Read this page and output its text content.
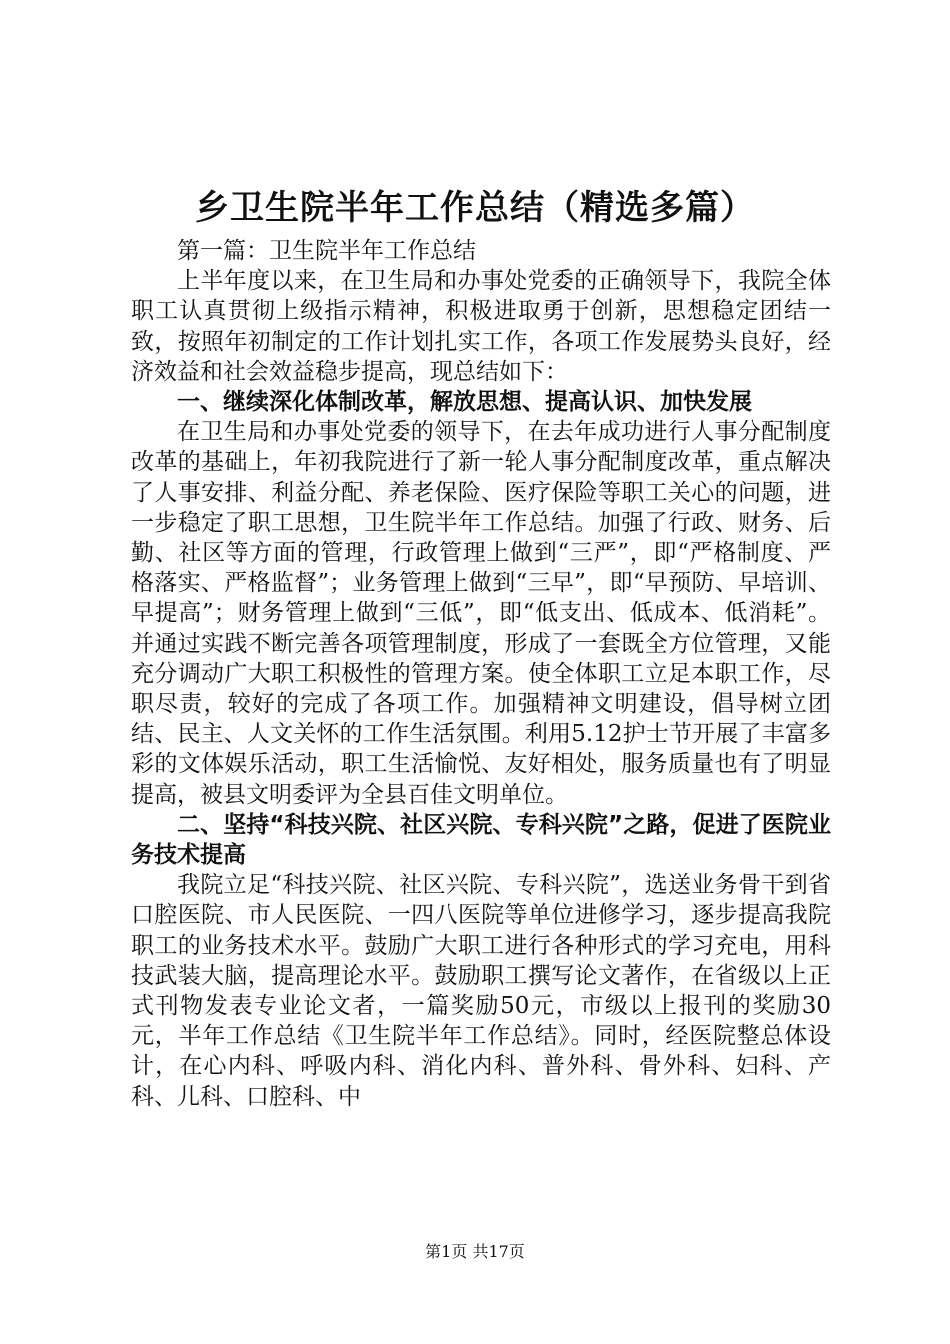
乡卫生院半年工作总结（精选多篇）

第一篇：卫生院半年工作总结

上半年度以来，在卫生局和办事处党委的正确领导下，我院全体职工认真贯彻上级指示精神，积极进取勇于创新，思想稳定团结一致，按照年初制定的工作计划扎实工作，各项工作发展势头良好，经济效益和社会效益稳步提高，现总结如下：

一、继续深化体制改革，解放思想、提高认识、加快发展

在卫生局和办事处党委的领导下，在去年成功进行人事分配制度改革的基础上，年初我院进行了新一轮人事分配制度改革，重点解决了人事安排、利益分配、养老保险、医疗保险等职工关心的问题，进一步稳定了职工思想，卫生院半年工作总结。加强了行政、财务、后勤、社区等方面的管理，行政管理上做到“三严”，即“严格制度、严格落实、严格监督”；业务管理上做到“三早”，即“早预防、早培训、早提高”；财务管理上做到“三低”，即“低支出、低成本、低消耗”。并通过实践不断完善各项管理制度，形成了一套既全方位管理，又能充分调动广大职工积极性的管理方案。使全体职工立足本职工作，尽职尽责，较好的完成了各项工作。加强精神文明建设，倡导树立团结、民主、人文关怀的工作生活氛围。利用5.12护士节开展了丰富多彩的文体娱乐活动，职工生活愉悦、友好相处，服务质量也有了明显提高，被县文明委评为全县百佳文明单位。

二、坚持“科技兴院、社区兴院、专科兴院”之路，促进了医院业务技术提高

我院立足“科技兴院、社区兴院、专科兴院”，选送业务骨干到省口腔医院、市人民医院、一四八医院等单位进修学习，逐步提高我院职工的业务技术水平。鼓励广大职工进行各种形式的学习充电，用科技武装大脑，提高理论水平。鼓励职工撰写论文著作，在省级以上正式刊物发表专业论文者，一篇奖励50元，市级以上报刊的奖励30元，半年工作总结《卫生院半年工作总结》。同时，经医院整总体设计，在心内科、呼吸内科、消化内科、普外科、骨外科、妇科、产科、儿科、口腔科、中

第1页 共17页
